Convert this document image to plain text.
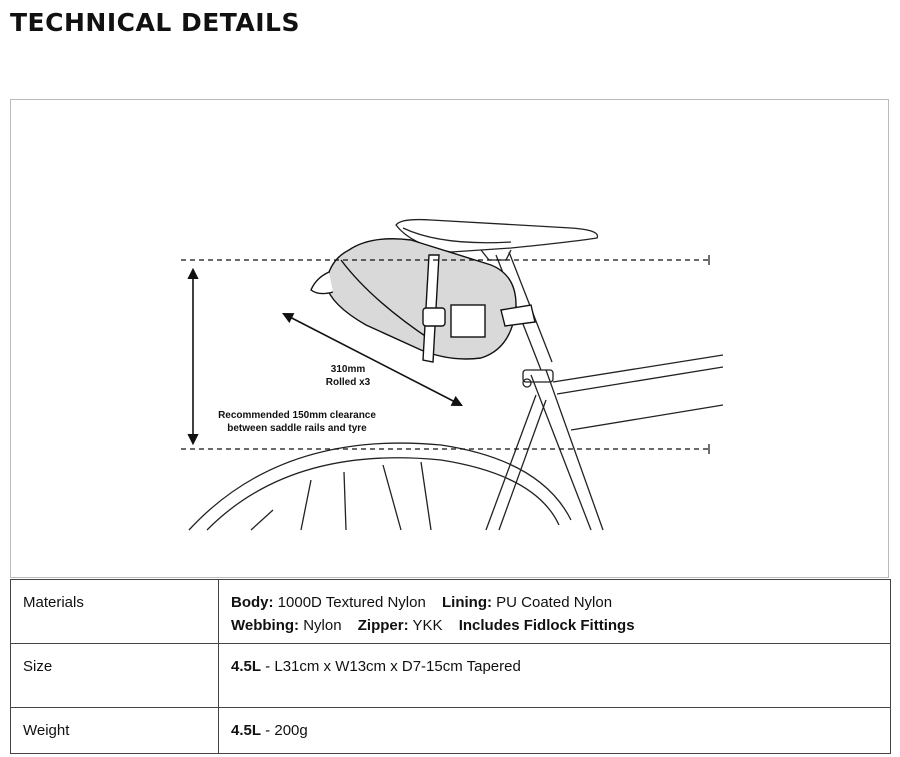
TECHNICAL DETAILS
310mm
Rolled x3
Recommended 150mm clearance
between saddle rails and tyre
Materials	Body: 1000D Textured Nylon Lining: PU Coated Nylon
Webbing: Nylon Zipper: YKK Includes Fidlock Fittings
Size	4.5L - L31cm x W13cm x D7-15cm Tapered
Weight	4.5L - 200g
